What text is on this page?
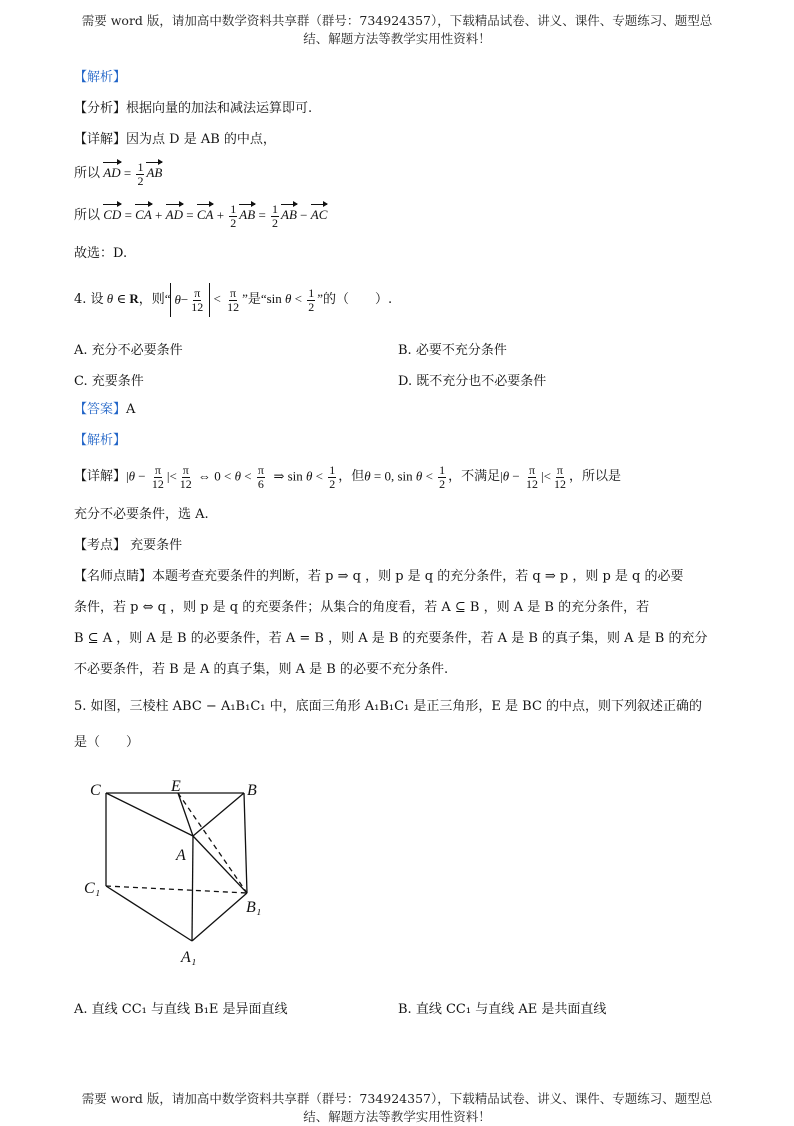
需要 word 版，请加高中数学资料共享群（群号：734924357），下载精品试卷、讲义、课件、专题练习、题型总
结、解题方法等教学实用性资料！
【解析】
【分析】根据向量的加法和减法运算即可.
【详解】因为点 D 是 AB 的中点，
所以 AD = $\frac{1}{2}$ AB
所以 CD = CA + AD = CA + $\frac{1}{2}$ AB = $\frac{1}{2}$ AB − AC
故选：D.
4. 设 θ ∈ R，则“ $\theta - \frac{\pi}{12} < \frac{\pi}{12}$ ”是“sin $\theta < \frac{1}{2}$ ” 的（　　）.
A. 充分不必要条件	B. 必要不充分条件
C. 充要条件	D. 既不充分也不必要条件
【答案】A
【解析】
【详解】 $|\theta - \frac{\pi}{12}$ |< $\frac{\pi}{12}$ ⇔ $0 < \theta < \frac{\pi}{6}$ ⇒ $\sin \theta < \frac{1}{2}$ ，但 θ = 0, $\sin \theta < \frac{1}{2}$ ，不满足 $|\theta - \frac{\pi}{12}$ |< $\frac{\pi}{12}$ ，所以是
充分不必要条件，选 A.
【考点】 充要条件
【名师点睛】本题考查充要条件的判断，若 p ⇒ q ，则 p 是 q 的充分条件，若 q ⇒ p ，则 p 是 q 的必要
条件，若 p ⇔ q ，则 p 是 q 的充要条件；从集合的角度看，若 A ⊆ B ，则 A 是 B 的充分条件，若
B ⊆ A ，则 A 是 B 的必要条件，若 A = B ，则 A 是 B 的充要条件，若 A 是 B 的真子集，则 A 是 B 的充分
不必要条件，若 B 是 A 的真子集，则 A 是 B 的必要不充分条件.
5. 如图，三棱柱 ABC − A₁B₁C₁ 中，底面三角形 A₁B₁C₁ 是正三角形，E 是 BC 的中点，则下列叙述正确的
是（　　）
C	E	B
A
C₁
B₁
A₁
A. 直线 CC₁ 与直线 B₁E 是异面直线	B. 直线 CC₁ 与直线 AE 是共面直线
需要 word 版，请加高中数学资料共享群（群号：734924357），下载精品试卷、讲义、课件、专题练习、题型总
结、解题方法等教学实用性资料！
